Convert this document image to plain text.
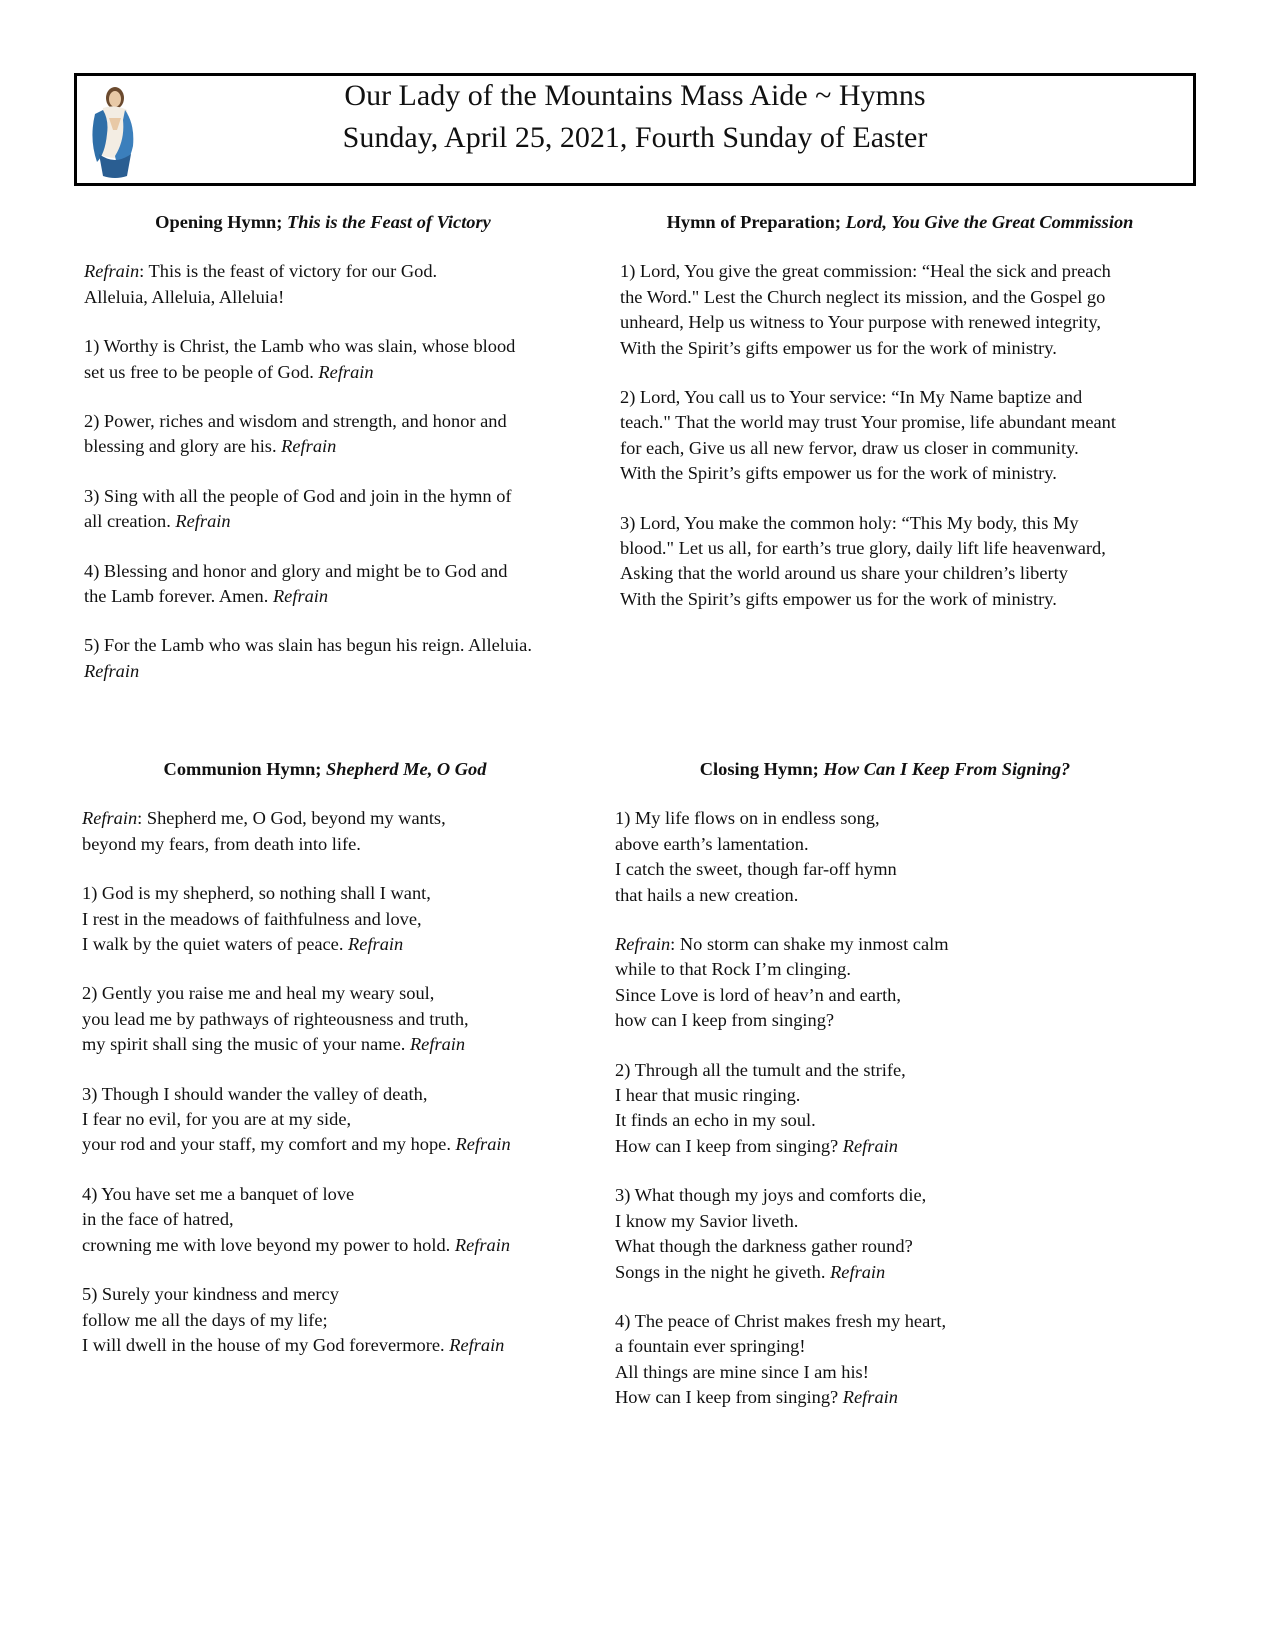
Our Lady of the Mountains Mass Aide ~ Hymns
Sunday, April 25, 2021, Fourth Sunday of Easter
Opening Hymn; This is the Feast of Victory
Refrain: This is the feast of victory for our God.
Alleluia, Alleluia, Alleluia!
1) Worthy is Christ, the Lamb who was slain, whose blood
set us free to be people of God. Refrain
2) Power, riches and wisdom and strength, and honor and
blessing and glory are his. Refrain
3) Sing with all the people of God and join in the hymn of
all creation. Refrain
4) Blessing and honor and glory and might be to God and
the Lamb forever. Amen. Refrain
5) For the Lamb who was slain has begun his reign. Alleluia.
Refrain
Hymn of Preparation; Lord, You Give the Great Commission
1) Lord, You give the great commission: “Heal the sick and preach
the Word." Lest the Church neglect its mission, and the Gospel go
unheard, Help us witness to Your purpose with renewed integrity,
With the Spirit’s gifts empower us for the work of ministry.
2) Lord, You call us to Your service: “In My Name baptize and
teach." That the world may trust Your promise, life abundant meant
for each, Give us all new fervor, draw us closer in community.
With the Spirit’s gifts empower us for the work of ministry.
3) Lord, You make the common holy: “This My body, this My
blood." Let us all, for earth’s true glory, daily lift life heavenward,
Asking that the world around us share your children’s liberty
With the Spirit’s gifts empower us for the work of ministry.
Communion Hymn; Shepherd Me, O God
Refrain: Shepherd me, O God, beyond my wants,
beyond my fears, from death into life.
1) God is my shepherd, so nothing shall I want,
I rest in the meadows of faithfulness and love,
I walk by the quiet waters of peace. Refrain
2) Gently you raise me and heal my weary soul,
you lead me by pathways of righteousness and truth,
my spirit shall sing the music of your name. Refrain
3) Though I should wander the valley of death,
I fear no evil, for you are at my side,
your rod and your staff, my comfort and my hope. Refrain
4) You have set me a banquet of love
in the face of hatred,
crowning me with love beyond my power to hold. Refrain
5) Surely your kindness and mercy
follow me all the days of my life;
I will dwell in the house of my God forevermore. Refrain
Closing Hymn; How Can I Keep From Signing?
1) My life flows on in endless song,
above earth’s lamentation.
I catch the sweet, though far-off hymn
that hails a new creation.
Refrain: No storm can shake my inmost calm
while to that Rock I’m clinging.
Since Love is lord of heav’n and earth,
how can I keep from singing?
2) Through all the tumult and the strife,
I hear that music ringing.
It finds an echo in my soul.
How can I keep from singing? Refrain
3) What though my joys and comforts die,
I know my Savior liveth.
What though the darkness gather round?
Songs in the night he giveth. Refrain
4) The peace of Christ makes fresh my heart,
a fountain ever springing!
All things are mine since I am his!
How can I keep from singing? Refrain
